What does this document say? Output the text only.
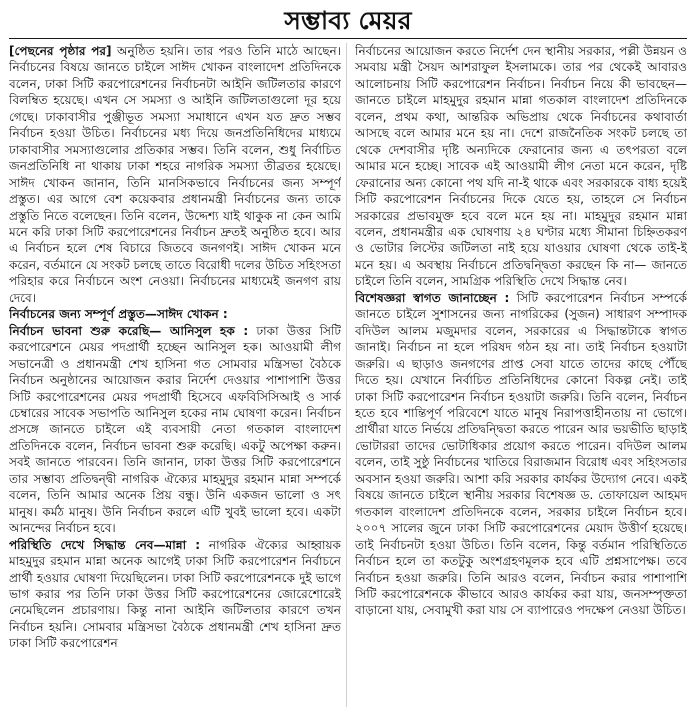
সম্ভাব্য মেয়র

[পেছনের পৃষ্ঠার পর] অনুষ্ঠিত হয়নি। তার পরও তিনি মাঠে আছেন। নির্বাচনের বিষয়ে জানতে চাইলে সাঈদ খোকন বাংলাদেশ প্রতিদিনকে বলেন, ঢাকা সিটি করপোরেশনের নির্বাচনটা আইনি জটিলতার কারণে বিলম্বিত হয়েছে। এখন সে সমস্যা ও আইনি জটিলতাগুলো দূর হয়ে গেছে। ঢাকাবাসীর পুঞ্জীভূত সমস্যা সমাধানে এখন যত দ্রুত সম্ভব নির্বাচন হওয়া উচিত। নির্বাচনের মধ্য দিয়ে জনপ্রতিনিধিদের মাধ্যমে ঢাকাবাসীর সমস্যাগুলোর প্রতিকার সম্ভব। তিনি বলেন, শুধু নির্বাচিত জনপ্রতিনিধি না থাকায় ঢাকা শহরে নাগরিক সমস্যা তীব্রতর হয়েছে। সাঈদ খোকন জানান, তিনি মানসিকভাবে নির্বাচনের জন্য সম্পূর্ণ প্রস্তুত। এর আগে বেশ কয়েকবার প্রধানমন্ত্রী নির্বাচনের জন্য তাকে প্রস্তুতি নিতে বলেছেন। তিনি বলেন, উদ্দেশ্য যাই থাকুক না কেন আমি মনে করি ঢাকা সিটি করপোরেশনের নির্বাচন দ্রুতই অনুষ্ঠিত হবে। আর এ নির্বাচন হলে শেষ বিচারে জিতবে জনগণই। সাঈদ খোকন মনে করেন, বর্তমানে যে সংকট চলছে তাতে বিরোধী দলের উচিত সহিংসতা পরিহার করে নির্বাচনে অংশ নেওয়া। নির্বাচনের মাধ্যমেই জনগণ রায় দেবে।

নির্বাচনের জন্য সম্পূর্ণ প্রস্তুত—সাঈদ খোকন :

নির্বাচন ভাবনা শুরু করেছি— আনিসুল হক : ঢাকা উত্তর সিটি করপোরেশনে মেয়র পদপ্রার্থী হচ্ছেন আনিসুল হক। আওয়ামী লীগ সভানেত্রী ও প্রধানমন্ত্রী শেখ হাসিনা গত সোমবার মন্ত্রিসভা বৈঠকে নির্বাচন অনুষ্ঠানের আয়োজন করার নির্দেশ দেওয়ার পাশাপাশি উত্তর সিটি করপোরেশনের মেয়র পদপ্রার্থী হিসেবে এফবিসিসিআই ও সার্ক চেম্বারের সাবেক সভাপতি আনিসুল হকের নাম ঘোষণা করেন। নির্বাচন প্রসঙ্গে জানতে চাইলে এই ব্যবসায়ী নেতা গতকাল বাংলাদেশ প্রতিদিনকে বলেন, নির্বাচন ভাবনা শুরু করেছি। একটু অপেক্ষা করুন। সবই জানতে পারবেন। তিনি জানান, ঢাকা উত্তর সিটি করপোরেশনে তার সম্ভাব্য প্রতিদ্বন্দ্বী নাগরিক ঐক্যের মাহমুদুর রহমান মান্না সম্পর্কে বলেন, তিনি আমার অনেক প্রিয় বন্ধু। উনি একজন ভালো ও সৎ মানুষ। কর্মঠ মানুষ। উনি নির্বাচন করলে এটি খুবই ভালো হবে। একটা আনন্দের নির্বাচন হবে।

পরিস্থিতি দেখে সিদ্ধান্ত নেব—মান্না : নাগরিক ঐক্যের আহ্বায়ক মাহমুদুর রহমান মান্না অনেক আগেই ঢাকা সিটি করপোরেশন নির্বাচনে প্রার্থী হওয়ার ঘোষণা দিয়েছিলেন। ঢাকা সিটি করপোরেশনকে দুই ভাগে ভাগ করার পর তিনি ঢাকা উত্তর সিটি করপোরেশনের জোরেশোরেই নেমেছিলেন প্রচারণায়। কিন্তু নানা আইনি জটিলতার কারণে তখন নির্বাচন হয়নি। সোমবার মন্ত্রিসভা বৈঠকে প্রধানমন্ত্রী শেখ হাসিনা দ্রুত ঢাকা সিটি করপোরেশন

নির্বাচনের আয়োজন করতে নির্দেশ দেন স্থানীয় সরকার, পল্লী উন্নয়ন ও সমবায় মন্ত্রী সৈয়দ আশরাফুল ইসলামকে। তার পর থেকেই আবারও আলোচনায় সিটি করপোরেশন নির্বাচন। নির্বাচন নিয়ে কী ভাবছেন— জানতে চাইলে মাহমুদুর রহমান মান্না গতকাল বাংলাদেশ প্রতিদিনকে বলেন, প্রথম কথা, আন্তরিক অভিপ্রায় থেকে নির্বাচনের কথাবার্তা আসছে বলে আমার মনে হয় না। দেশে রাজনৈতিক সংকট চলছে তা থেকে দেশবাসীর দৃষ্টি অন্যদিকে ফেরানোর জন্য এ তৎপরতা বলে আমার মনে হচ্ছে। সাবেক এই আওয়ামী লীগ নেতা মনে করেন, দৃষ্টি ফেরানোর অন্য কোনো পথ যদি না-ই থাকে এবং সরকারকে বাধ্য হয়েই সিটি করপোরেশন নির্বাচনের দিকে যেতে হয়, তাহলে সে নির্বাচন সরকারের প্রভাবমুক্ত হবে বলে মনে হয় না। মাহমুদুর রহমান মান্না বলেন, প্রধানমন্ত্রীর এক ঘোষণায় ২৪ ঘণ্টার মধ্যে সীমানা চিহ্নিতকরণ ও ভোটার লিস্টের জটিলতা নাই হয়ে যাওয়ার ঘোষণা থেকে তাই-ই মনে হয়। এ অবস্থায় নির্বাচনে প্রতিদ্বন্দ্বিতা করছেন কি না— জানতে চাইলে তিনি বলেন, সামগ্রিক পরিস্থিতি দেখে সিদ্ধান্ত নেব।

বিশেষজ্ঞরা স্বাগত জানাচ্ছেন : সিটি করপোরেশন নির্বাচন সম্পর্কে জানতে চাইলে সুশাসনের জন্য নাগরিকের (সুজন) সাধারণ সম্পাদক বদিউল আলম মজুমদার বলেন, সরকারের এ সিদ্ধান্তটাকে স্বাগত জানাই। নির্বাচন না হলে পরিষদ গঠন হয় না। তাই নির্বাচন হওয়াটা জরুরি। এ ছাড়াও জনগণের প্রাপ্ত সেবা যাতে তাদের কাছে পৌঁছে দিতে হয়। যেখানে নির্বাচিত প্রতিনিধিদের কোনো বিকল্প নেই। তাই ঢাকা সিটি করপোরেশন নির্বাচন হওয়াটা জরুরি। তিনি বলেন, নির্বাচন হতে হবে শান্তিপূর্ণ পরিবেশে যাতে মানুষ নিরাপত্তাহীনতায় না ভোগে। প্রার্থীরা যাতে নির্ভয়ে প্রতিদ্বন্দ্বিতা করতে পারেন আর ভয়ভীতি ছাড়াই ভোটাররা তাদের ভোটাধিকার প্রয়োগ করতে পারেন। বদিউল আলম বলেন, তাই সুষ্ঠু নির্বাচনের খাতিরে বিরাজমান বিরোধ এবং সহিংসতার অবসান হওয়া জরুরি। আশা করি সরকার কার্যকর উদ্যোগ নেবে। একই বিষয়ে জানতে চাইলে স্থানীয় সরকার বিশেষজ্ঞ ড. তোফায়েল আহমদ গতকাল বাংলাদেশ প্রতিদিনকে বলেন, সরকার চাইলে নির্বাচন হবে। ২০০৭ সালের জুনে ঢাকা সিটি করপোরেশনের মেয়াদ উত্তীর্ণ হয়েছে। তাই নির্বাচনটা হওয়া উচিত। তিনি বলেন, কিন্তু বর্তমান পরিস্থিতিতে নির্বাচন হলে তা কতটুকু অংশগ্রহণমূলক হবে এটি প্রশ্নসাপেক্ষ। তবে নির্বাচন হওয়া জরুরি। তিনি আরও বলেন, নির্বাচন করার পাশাপাশি সিটি করপোরেশনকে কীভাবে আরও কার্যকর করা যায়, জনসম্পৃক্ততা বাড়ানো যায়, সেবামুখী করা যায় সে ব্যাপারেও পদক্ষেপ নেওয়া উচিত।
